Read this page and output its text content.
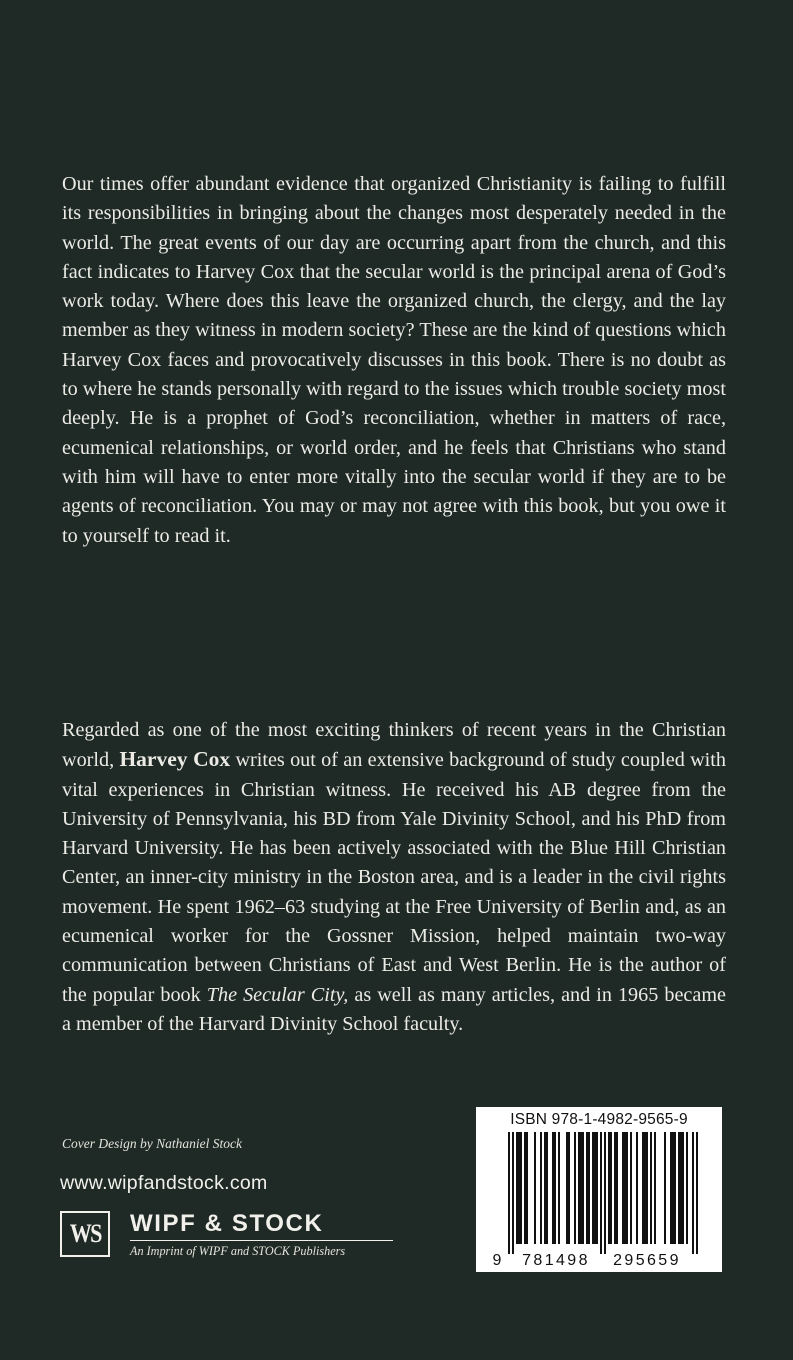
Our times offer abundant evidence that organized Christianity is failing to fulfill its responsibilities in bringing about the changes most desperately needed in the world. The great events of our day are occurring apart from the church, and this fact indicates to Harvey Cox that the secular world is the principal arena of God’s work today. Where does this leave the organized church, the clergy, and the lay member as they witness in modern society? These are the kind of questions which Harvey Cox faces and provocatively discusses in this book. There is no doubt as to where he stands personally with regard to the issues which trouble society most deeply. He is a prophet of God’s reconciliation, whether in matters of race, ecumenical relationships, or world order, and he feels that Christians who stand with him will have to enter more vitally into the secular world if they are to be agents of reconciliation. You may or may not agree with this book, but you owe it to yourself to read it.

Regarded as one of the most exciting thinkers of recent years in the Christian world, Harvey Cox writes out of an extensive background of study coupled with vital experiences in Christian witness. He received his AB degree from the University of Pennsylvania, his BD from Yale Divinity School, and his PhD from Harvard University. He has been actively associated with the Blue Hill Christian Center, an inner-city ministry in the Boston area, and is a leader in the civil rights movement. He spent 1962–63 studying at the Free University of Berlin and, as an ecumenical worker for the Gossner Mission, helped maintain two-way communication between Christians of East and West Berlin. He is the author of the popular book The Secular City, as well as many articles, and in 1965 became a member of the Harvard Divinity School faculty.

Cover Design by Nathaniel Stock
www.wipfandstock.com
WS WIPF & STOCK
An Imprint of WIPF and STOCK Publishers
ISBN 978-1-4982-9565-9
9 781498 295659
